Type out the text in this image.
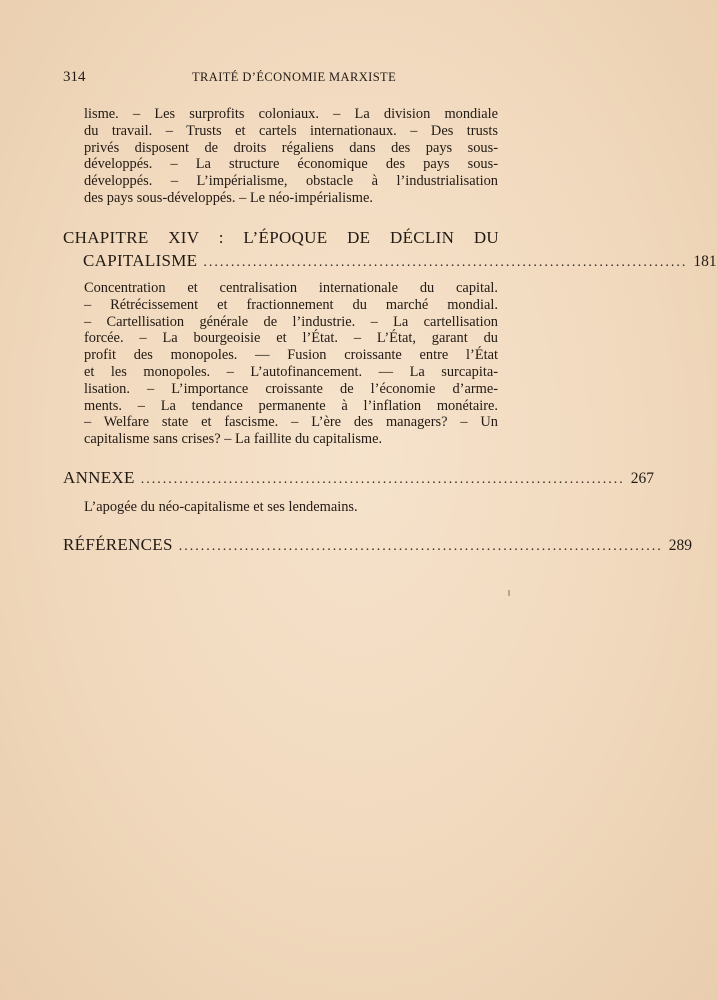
314	TRAITÉ D’ÉCONOMIE MARXISTE
lisme. – Les surprofits coloniaux. – La division mondiale
du travail. – Trusts et cartels internationaux. – Des trusts
privés disposent de droits régaliens dans des pays sous-
développés. – La structure économique des pays sous-
développés. – L’impérialisme, obstacle à l’industrialisation
des pays sous-développés. – Le néo-impérialisme.
CHAPITRE XIV : L’ÉPOQUE DE DÉCLIN DU
CAPITALISME ........................................................................................ 181
Concentration et centralisation internationale du capital.
– Rétrécissement et fractionnement du marché mondial.
– Cartellisation générale de l’industrie. – La cartellisation
forcée. – La bourgeoisie et l’État. – L’État, garant du
profit des monopoles. — Fusion croissante entre l’État
et les monopoles. – L’autofinancement. — La surcapita-
lisation. – L’importance croissante de l’économie d’arme-
ments. – La tendance permanente à l’inflation monétaire.
– Welfare state et fascisme. – L’ère des managers? – Un
capitalisme sans crises? – La faillite du capitalisme.
ANNEXE ........................................................................................ 267
L’apogée du néo-capitalisme et ses lendemains.
RÉFÉRENCES ........................................................................................ 289
